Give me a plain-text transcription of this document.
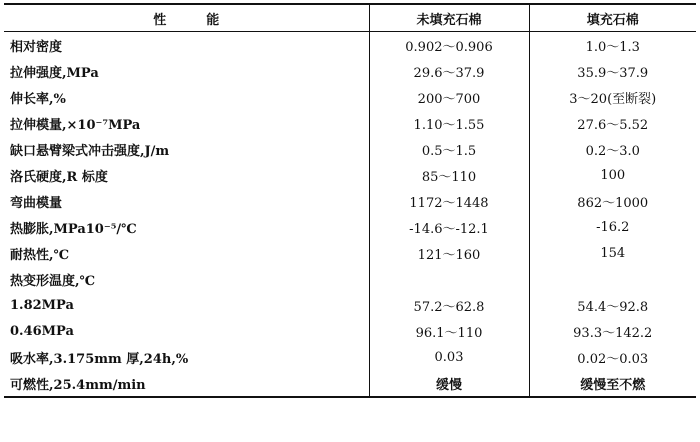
性能	未填充石棉	填充石棉
相对密度	0.902～0.906	1.0～1.3
拉伸强度,MPa	29.6～37.9	35.9～37.9
伸长率,%	200～700	3～20(至断裂)
拉伸模量,×10⁻⁷MPa	1.10～1.55	27.6～5.52
缺口悬臂梁式冲击强度,J/m	0.5～1.5	0.2～3.0
洛氏硬度,R 标度	85～110	100
弯曲模量	1172～1448	862～1000
热膨胀,MPa10⁻⁵/℃	-14.6～-12.1	-16.2
耐热性,℃	121～160	154
热变形温度,℃		
1.82MPa	57.2～62.8	54.4～92.8
0.46MPa	96.1～110	93.3～142.2
吸水率,3.175mm 厚,24h,%	0.03	0.02～0.03
可燃性,25.4mm/min	缓慢	缓慢至不燃
